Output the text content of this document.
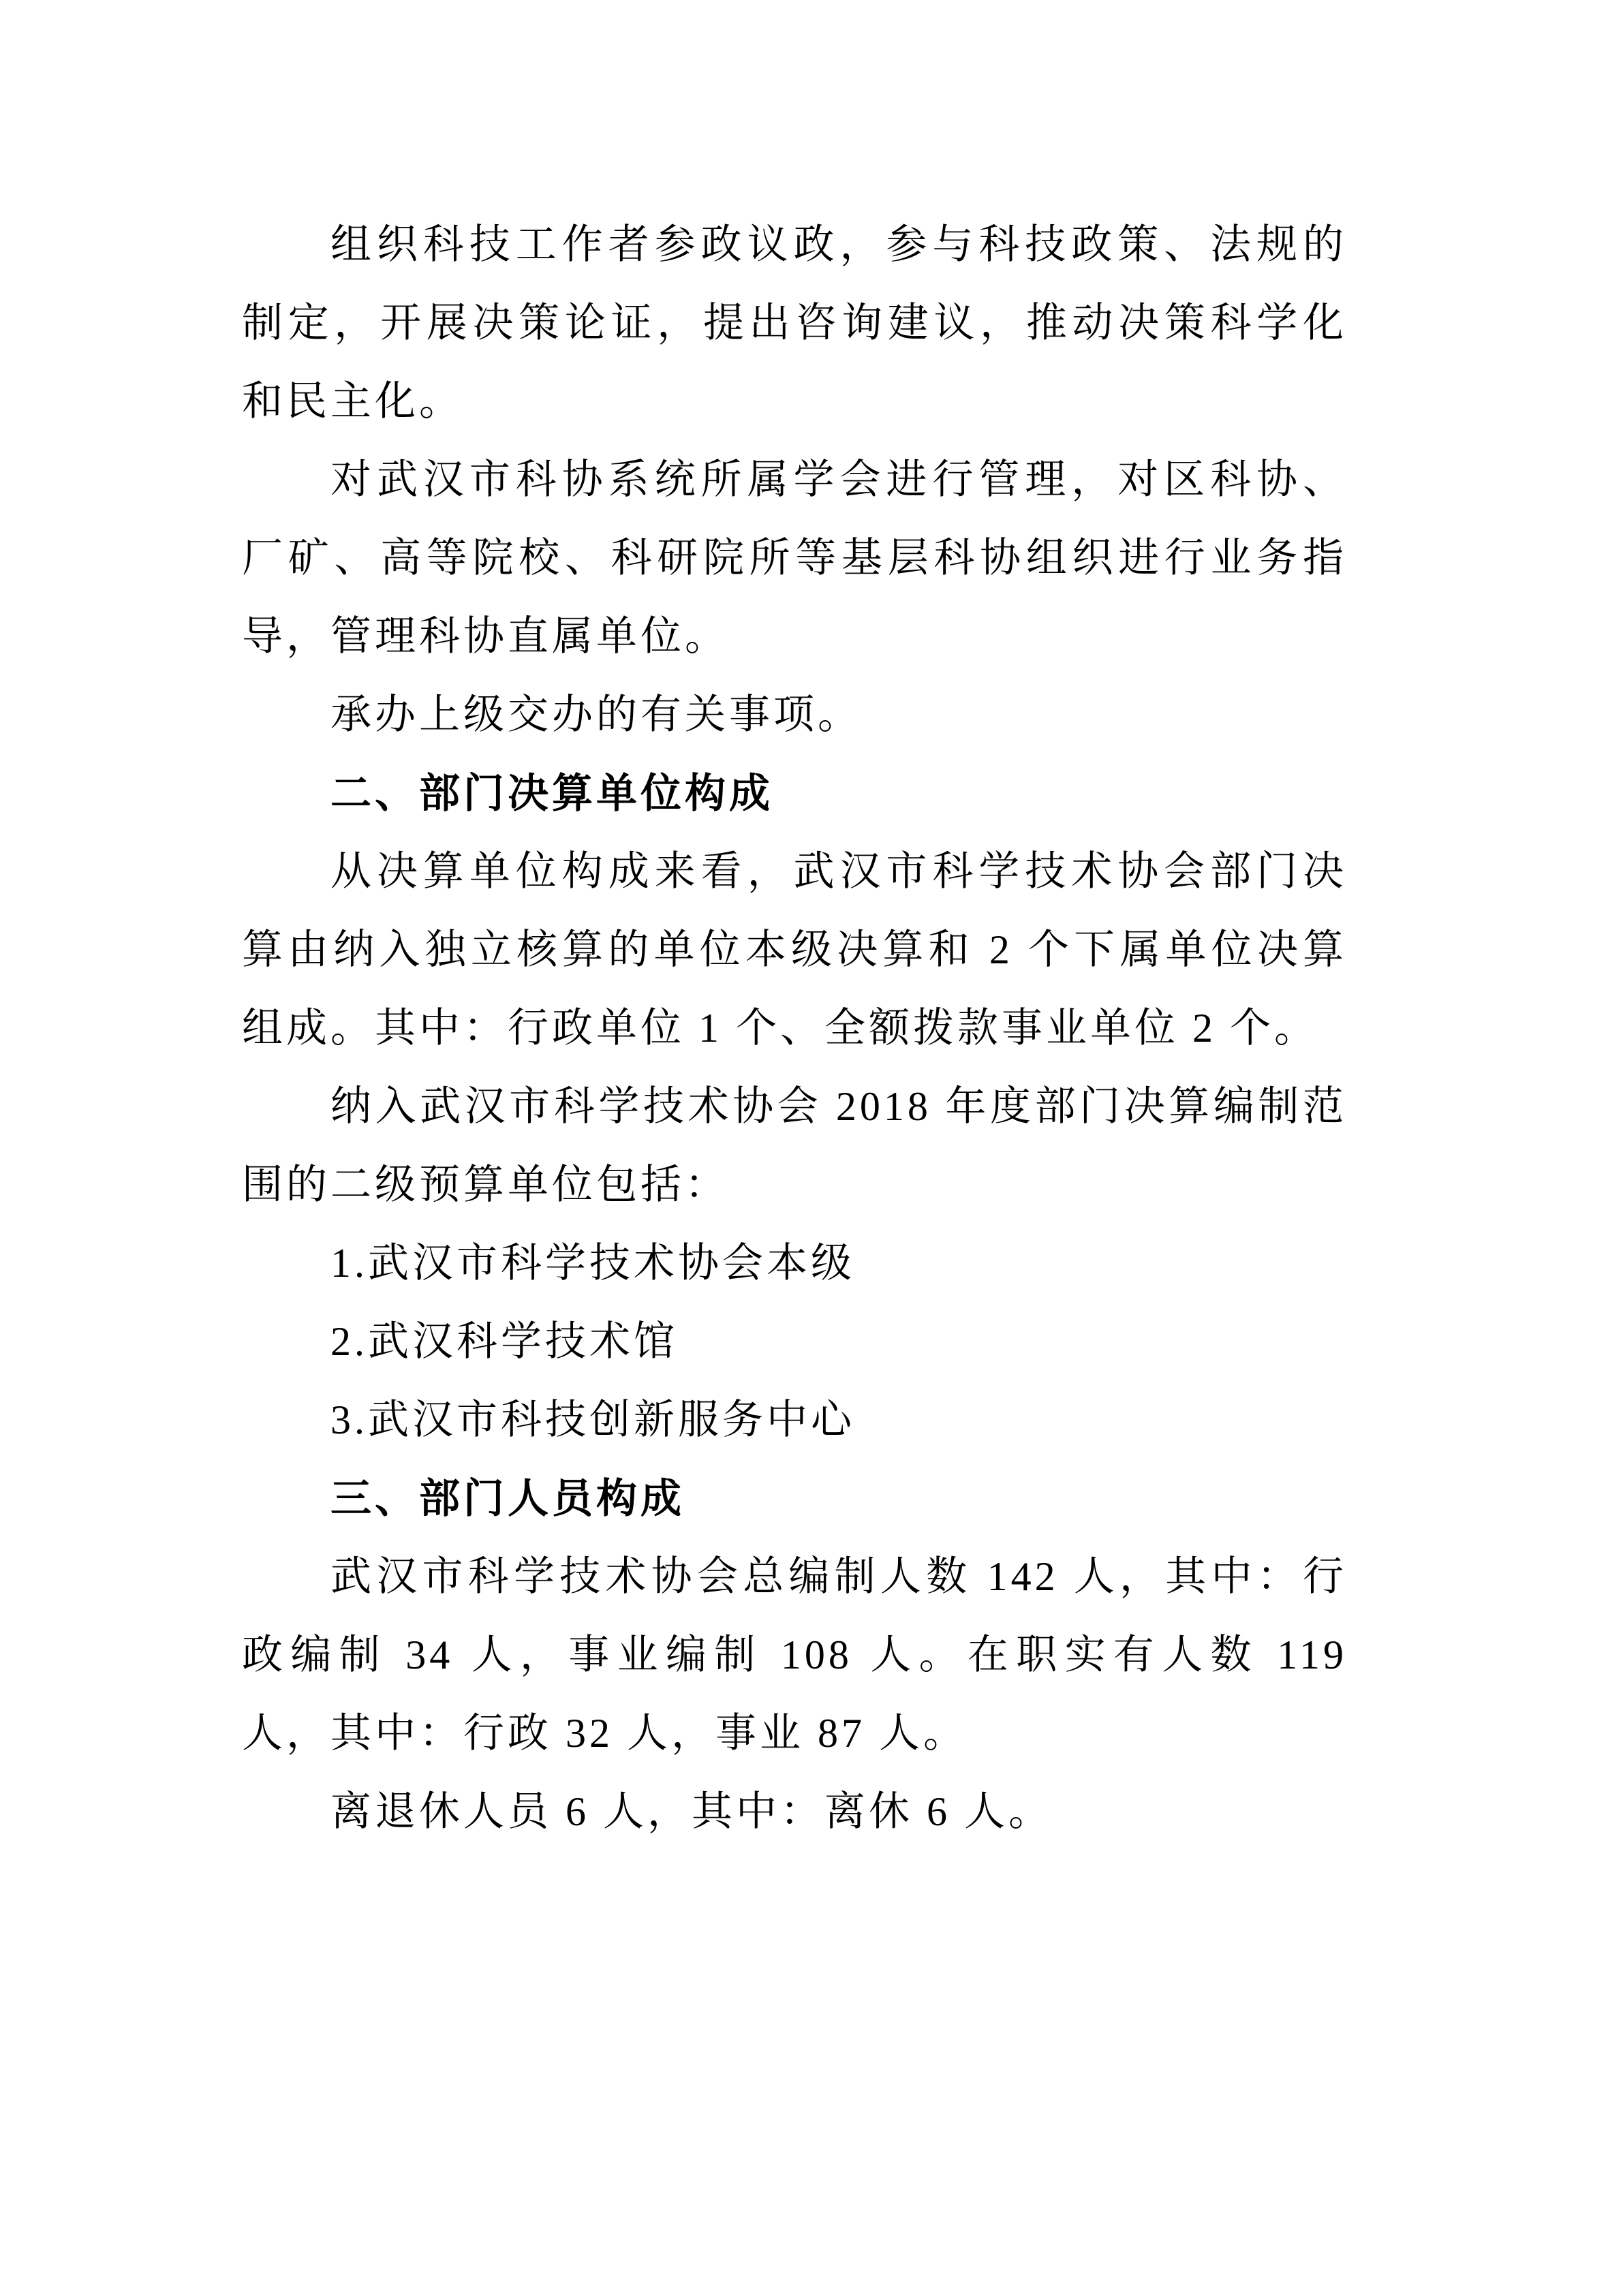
组织科技工作者参政议政，参与科技政策、法规的制定，开展决策论证，提出咨询建议，推动决策科学化和民主化。

对武汉市科协系统所属学会进行管理，对区科协、厂矿、高等院校、科研院所等基层科协组织进行业务指导，管理科协直属单位。

承办上级交办的有关事项。

二、部门决算单位构成

从决算单位构成来看，武汉市科学技术协会部门决算由纳入独立核算的单位本级决算和 2 个下属单位决算组成。其中：行政单位 1 个、全额拨款事业单位 2 个。

纳入武汉市科学技术协会 2018 年度部门决算编制范围的二级预算单位包括：

1.武汉市科学技术协会本级

2.武汉科学技术馆

3.武汉市科技创新服务中心

三、部门人员构成

武汉市科学技术协会总编制人数 142 人，其中：行政编制 34 人，事业编制 108 人。在职实有人数 119 人，其中：行政 32 人，事业 87 人。

离退休人员 6 人，其中：离休 6 人。
